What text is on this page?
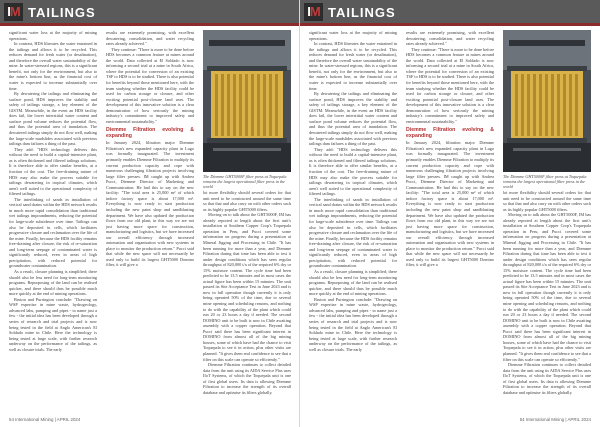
IM TAILINGS

significant water loss at the majority of mining operations.

In contrast, HDS liberates the water entrained in the tailings and allows it to be recycled. This reduces demand for fresh water (or desalination), and therefore the overall water sustainability of the mine. In water-stressed regions, this is a significant benefit, not only for the environment, but also to the mine's bottom line, as the financial cost of water is expected to increase substantially over time.

By dewatering the tailings and eliminating the surface pond, HDS improves the stability and safety of tailings storage, a key element of the GISTM. Meanwhile, in the event an HDS facility does fail, the lower interstitial water content and surface pond volume reduces the potential flow, and thus the potential area of inundation. The dewatered tailings simply do not flow well, making the large-scale mudslides associated with previous tailings dam failures a thing of the past.

They add: "HDS technology delivers this without the need to build a capital-intensive plant, as is often thickened and filtered tailings solutions. It is therefore able to offer similar benefits, at a fraction of the cost. The free-draining nature of HDS may also make the process suitable for tailings dewatering in tropical climates, which aren't well suited to the operational complexity of filtered tailings.

The interlinking of sands in installation of vertical sand drains within the HDS network results in much more rapid consolidation than traditional wet tailings impoundments, reducing the potential for large-scale subsidence over time. Tailings can also be deposited in cells, which facilitates progressive closure and reclamation over the life of the mine. Finally, because the HDS facility remains free-draining after closure, the risk of re-saturation and long-term seepage of contaminated water is significantly reduced, even in areas of high precipitation, with reduced potential for groundwater contamination.

As a result, closure planning is simplified; there should also be less need for long-term monitoring programs. Repurposing of the land can be realised quicker, and there should thus be possible much more quickly at the end of mining operations.

Bruton and Purrington conclude: "Drawing on WSP expertise in mine waste, hydrogeology, advanced labs, pumping and pipes - to name just a few - the initial idea has been developed through a series of research and trial projects and is now being tested in the field at Anglo American's El Soldado mine in Chile. Here the technology is being tested at large scale, with further research underway on the performance of the tailings, as well as closure trials. The early

results are extremely promising, with excellent dewatering, consolidation, and water recycling rates already achieved."

They continue: "There is more to be done before HDS becomes a common feature at mines around the world. Data collected at El Soldado is now informing a second trial at a mine in South Africa, where the potential for conversion of an existing TSF to HDS is to be studied. There is also potential for benefits beyond those mentioned here, with the team studying whether the HDS facility could be used for carbon storage or closure, and other exciting potential post-closure land uses. The development of this innovative solution is a clear demonstration of how seriously the mining industry's commitment to improved safety and environmental sustainability."

Diemme Filtration evolving & expanding

In January 2024, filtration major Diemme Filtration's new expanded capacity plant in Lugo was formally inaugurated. The investment primarily enables Diemme Filtration to multiply its current production capacity and cope with numerous challenging filtration projects involving large filter presses. IM caught up with Andrea Pucci, Diemme Director of Marketing and Communication. He had this to say on the new facility: "The total area is 25,000 m² of which indoor factory space is about 17,000 m². Everything is now ready to start production including the new paint shop and sandblasting department. We have also updated the production flows from our old plant, in this way we are not just having more space for construction, manufacturing and logistics, but we have increased our overall efficiency through increased automation and organisation with new systems in place to monitor the production return." Pucci said that while the new space will not necessarily be used only to build its largest GHT5000 Domino filter, it will give a

The Diemme GHT5000F filter press at Toquepala remains the largest operational filter press in the world

lot more flexibility should several orders for that unit need to be constructed around the same time so that that and also carry on with other orders such as its highly popular GHT5000 filters.

Moving on to talk about the GHT5000F, IM has already reported at length about the first unit's installation at Southern Copper Corp's Toquepala operation in Peru, and Pucci covered some information on progress during a presentation at Mineral Jigging and Processing in Chile. "It has been running for more than a year, and Diemme Filtration during that time has been able to test it under design conditions which has seen regular throughput of 820,000 t/a of the required 6% dry or 15% moisture content. The cycle time had been predicted to be 13.5 minutes and in most cases the actual figure has been within 15 minutes. The unit passed its Site Acceptance Test in June 2023 and is now in full operation though currently it is only being operated 50% of the time, due to several mine opening and scheduling reasons, and nothing to do with the capability of the plant which could run 20 or 23 hours a day if needed. The second DOMINO unit to be built is now in Chile awaiting assembly with a copper operation. Beyond that Pucci said there has been significant interest in DOMINO from almost all of the big mining houses, some of which have had the chance to visit Toquepala to see it in action, plus other visits are planned. "It gives them real confidence to see that a filter on this scale can operate so efficiently."

Diemme Filtration continues to collect detailed data from the unit using its AIDA Service Plus uses IIoT Systems, of which the Toquepala unit is one of first global users. Its data is allowing Diemme Filtration to increase the strength of its overall database and optimise its filters globally.

54 International Mining | APRIL 2024
IM TAILINGS

significant water loss at the majority of mining operations.

In contrast, HDS liberates the water entrained in the tailings and allows it to be recycled. This reduces demand for fresh water (or desalination), and therefore the overall water sustainability of the mine. In water-stressed regions, this is a significant benefit, not only for the environment, but also to the mine's bottom line, as the financial cost of water is expected to increase substantially over time.

By dewatering the tailings and eliminating the surface pond, HDS improves the stability and safety of tailings storage, a key element of the GISTM. Meanwhile, in the event an HDS facility does fail, the lower interstitial water content and surface pond volume reduces the potential flow, and thus the potential area of inundation. The dewatered tailings simply do not flow well, making the large-scale mudslides associated with previous tailings dam failures a thing of the past.

They add: "HDS technology delivers this without the need to build a capital-intensive plant, as is often thickened and filtered tailings solutions. It is therefore able to offer similar benefits, at a fraction of the cost. The free-draining nature of HDS may also make the process suitable for tailings dewatering in tropical climates, which aren't well suited to the operational complexity of filtered tailings.

The interlinking of sands in installation of vertical sand drains within the HDS network results in much more rapid consolidation than traditional wet tailings impoundments, reducing the potential for large-scale subsidence over time. Tailings can also be deposited in cells, which facilitates progressive closure and reclamation over the life of the mine. Finally, because the HDS facility remains free-draining after closure, the risk of re-saturation and long-term seepage of contaminated water is significantly reduced, even in areas of high precipitation, with reduced potential for groundwater contamination.

As a result, closure planning is simplified; there should also be less need for long-term monitoring programs. Repurposing of the land can be realised quicker, and there should thus be possible much more quickly at the end of mining operations.

Bruton and Purrington conclude: "Drawing on WSP expertise in mine waste, hydrogeology, advanced labs, pumping and pipes - to name just a few - the initial idea has been developed through a series of research and trial projects and is now being tested in the field at Anglo American's El Soldado mine in Chile. Here the technology is being tested at large scale, with further research underway on the performance of the tailings, as well as closure trials. The early

results are extremely promising, with excellent dewatering, consolidation, and water recycling rates already achieved."

They continue: "There is more to be done before HDS becomes a common feature at mines around the world. Data collected at El Soldado is now informing a second trial at a mine in South Africa, where the potential for conversion of an existing TSF to HDS is to be studied. There is also potential for benefits beyond those mentioned here, with the team studying whether the HDS facility could be used for carbon storage or closure, and other exciting potential post-closure land uses. The development of this innovative solution is a clear demonstration of how seriously the mining industry's commitment to improved safety and environmental sustainability."

Diemme Filtration evolving & expanding

In January 2024, filtration major Diemme Filtration's new expanded capacity plant in Lugo was formally inaugurated. The investment primarily enables Diemme Filtration to multiply its current production capacity and cope with numerous challenging filtration projects involving large filter presses. IM caught up with Andrea Pucci, Diemme Director of Marketing and Communication. He had this to say on the new facility: "The total area is 25,000 m² of which indoor factory space is about 17,000 m². Everything is now ready to start production including the new paint shop and sandblasting department. We have also updated the production flows from our old plant, in this way we are not just having more space for construction, manufacturing and logistics, but we have increased our overall efficiency through increased automation and organisation with new systems in place to monitor the production return." Pucci said that while the new space will not necessarily be used only to build its largest GHT5000 Domino filter, it will give a

The Diemme GHT5000F filter press at Toquepala remains the largest operational filter press in the world

lot more flexibility should several orders for that unit need to be constructed around the same time so that that and also carry on with other orders such as its highly popular GHT5000 filters.

Moving on to talk about the GHT5000F, IM has already reported at length about the first unit's installation at Southern Copper Corp's Toquepala operation in Peru, and Pucci covered some information on progress during a presentation at Mineral Jigging and Processing in Chile. "It has been running for more than a year, and Diemme Filtration during that time has been able to test it under design conditions which has seen regular throughput of 820,000 t/a of the required 6% dry or 15% moisture content. The cycle time had been predicted to be 13.5 minutes and in most cases the actual figure has been within 15 minutes. The unit passed its Site Acceptance Test in June 2023 and is now in full operation though currently it is only being operated 50% of the time, due to several mine opening and scheduling reasons, and nothing to do with the capability of the plant which could run 20 or 23 hours a day if needed. The second DOMINO unit to be built is now in Chile awaiting assembly with a copper operation. Beyond that Pucci said there has been significant interest in DOMINO from almost all of the big mining houses, some of which have had the chance to visit Toquepala to see it in action, plus other visits are planned. "It gives them real confidence to see that a filter on this scale can operate so efficiently."

Diemme Filtration continues to collect detailed data from the unit using its AIDA Service Plus uses IIoT Systems, of which the Toquepala unit is one of first global users. Its data is allowing Diemme Filtration to increase the strength of its overall database and optimise its filters globally.

54 International Mining | APRIL 2024
